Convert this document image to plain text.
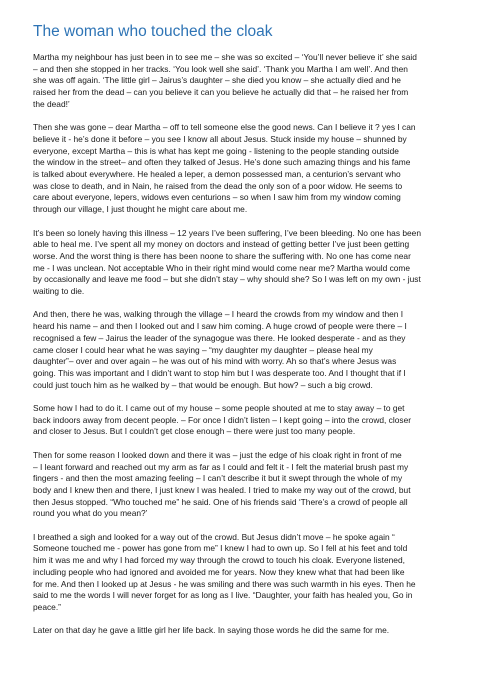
The woman who touched the cloak

Martha my neighbour has just been in to see me – she was so excited – ‘You’ll never believe it’ she said
– and then she stopped in her tracks. ‘You look well she said’. ‘Thank you Martha I am well’. And then
she was off again. ‘The little girl – Jairus’s daughter – she died you know – she actually died and he
raised her from the dead – can you believe it can you believe he actually did that – he raised her from
the dead!’

Then she was gone – dear Martha – off to tell someone else the good news. Can I believe it ? yes I can
believe it - he’s done it before – you see I know all about Jesus. Stuck inside my house – shunned by
everyone, except Martha – this is what has kept me going - listening to the people standing outside
the window in the street– and often they talked of Jesus. He’s done such amazing things and his fame
is talked about everywhere. He healed a leper, a demon possessed man, a centurion’s servant who
was close to death, and in Nain, he raised from the dead the only son of a poor widow. He seems to
care about everyone, lepers, widows even centurions – so when I saw him from my window coming
through our village, I just thought he might care about me.

It’s been so lonely having this illness – 12 years I’ve been suffering, I’ve been bleeding. No one has been
able to heal me. I’ve spent all my money on doctors and instead of getting better I’ve just been getting
worse. And the worst thing is there has been noone to share the suffering with. No one has come near
me - I was unclean. Not acceptable Who in their right mind would come near me? Martha would come
by occasionally and leave me food – but she didn’t stay – why should she? So I was left on my own - just
waiting to die.

And then, there he was, walking through the village – I heard the crowds from my window and then I
heard his name – and then I looked out and I saw him coming. A huge crowd of people were there – I
recognised a few – Jairus the leader of the synagogue was there. He looked desperate - and as they
came closer I could hear what he was saying – “my daughter my daughter – please heal my
daughter”– over and over again – he was out of his mind with worry. Ah so that’s where Jesus was
going. This was important and I didn’t want to stop him but I was desperate too. And I thought that if I
could just touch him as he walked by – that would be enough. But how? – such a big crowd.

Some how I had to do it. I came out of my house – some people shouted at me to stay away – to get
back indoors away from decent people. – For once I didn’t listen – I kept going – into the crowd, closer
and closer to Jesus. But I couldn’t get close enough – there were just too many people.

Then for some reason I looked down and there it was – just the edge of his cloak right in front of me
– I leant forward and reached out my arm as far as I could and felt it - I felt the material brush past my
fingers - and then the most amazing feeling – I can’t describe it but it swept through the whole of my
body and I knew then and there, I just knew I was healed. I tried to make my way out of the crowd, but
then Jesus stopped. “Who touched me” he said. One of his friends said ‘There’s a crowd of people all
round you what do you mean?’

I breathed a sigh and looked for a way out of the crowd. But Jesus didn’t move – he spoke again “
Someone touched me - power has gone from me” I knew I had to own up. So I fell at his feet and told
him it was me and why I had forced my way through the crowd to touch his cloak. Everyone listened,
including people who had ignored and avoided me for years. Now they knew what that had been like
for me. And then I looked up at Jesus - he was smiling and there was such warmth in his eyes. Then he
said to me the words I will never forget for as long as I live. “Daughter, your faith has healed you, Go in
peace.”

Later on that day he gave a little girl her life back. In saying those words he did the same for me.
